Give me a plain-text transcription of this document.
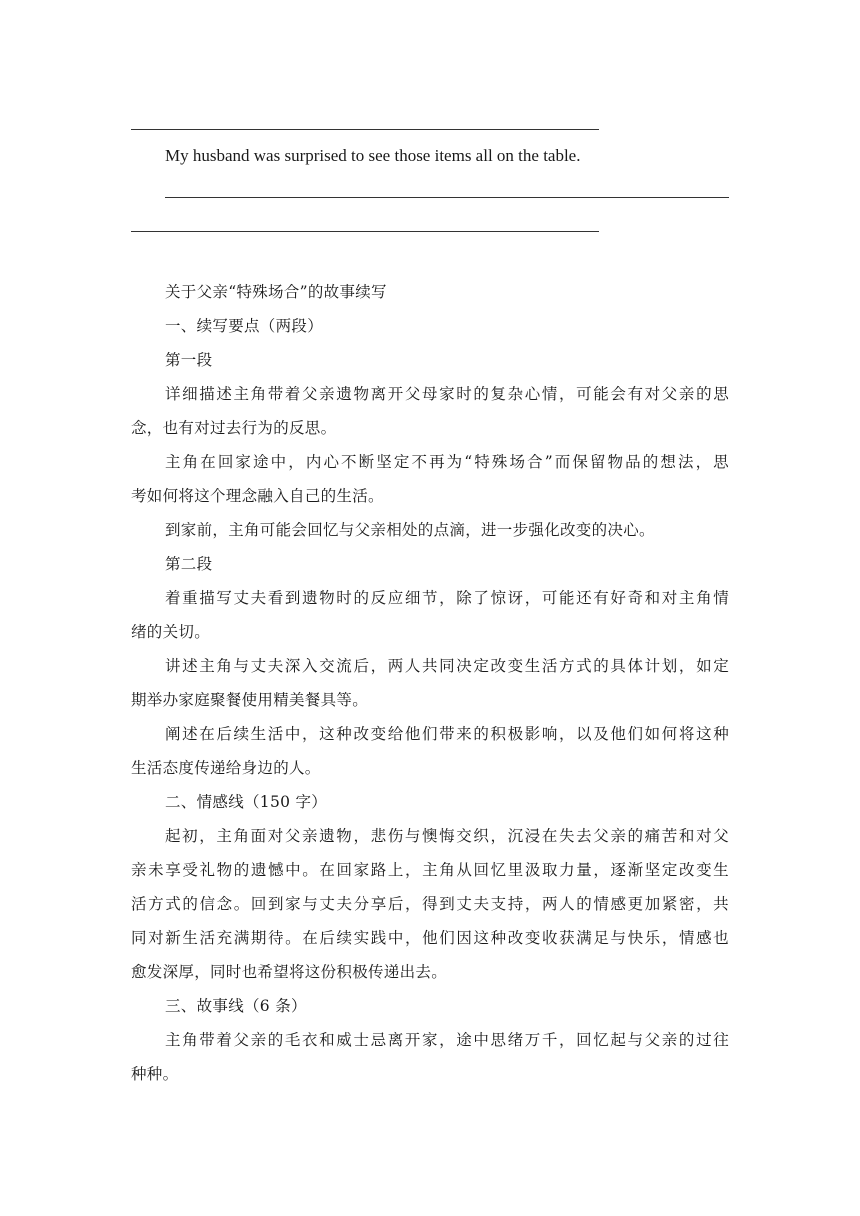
My husband was surprised to see those items all on the table.
关于父亲“特殊场合”的故事续写
一、续写要点（两段）
第一段
详细描述主角带着父亲遗物离开父母家时的复杂心情，可能会有对父亲的思
念，也有对过去行为的反思。
主角在回家途中，内心不断坚定不再为“特殊场合”而保留物品的想法，思
考如何将这个理念融入自己的生活。
到家前，主角可能会回忆与父亲相处的点滴，进一步强化改变的决心。
第二段
着重描写丈夫看到遗物时的反应细节，除了惊讶，可能还有好奇和对主角情
绪的关切。
讲述主角与丈夫深入交流后，两人共同决定改变生活方式的具体计划，如定
期举办家庭聚餐使用精美餐具等。
阐述在后续生活中，这种改变给他们带来的积极影响，以及他们如何将这种
生活态度传递给身边的人。
二、情感线（150 字）
起初，主角面对父亲遗物，悲伤与懊悔交织，沉浸在失去父亲的痛苦和对父
亲未享受礼物的遗憾中。在回家路上，主角从回忆里汲取力量，逐渐坚定改变生
活方式的信念。回到家与丈夫分享后，得到丈夫支持，两人的情感更加紧密，共
同对新生活充满期待。在后续实践中，他们因这种改变收获满足与快乐，情感也
愈发深厚，同时也希望将这份积极传递出去。
三、故事线（6 条）
主角带着父亲的毛衣和威士忌离开家，途中思绪万千，回忆起与父亲的过往
种种。
